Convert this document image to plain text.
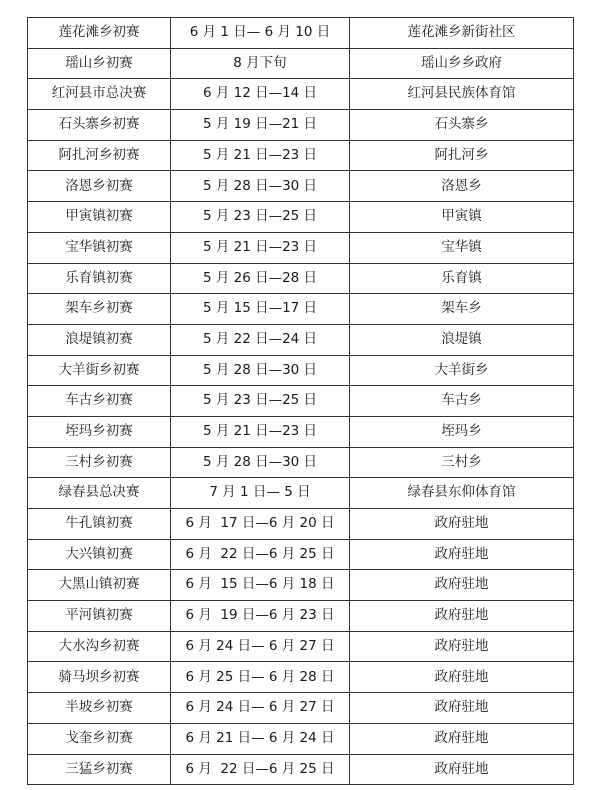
莲花滩乡初赛	6 月 1 日— 6 月 10 日	莲花滩乡新街社区
瑶山乡初赛	8 月下旬	瑶山乡乡政府
红河县市总决赛	6 月 12 日—14 日	红河县民族体育馆
石头寨乡初赛	5 月 19 日—21 日	石头寨乡
阿扎河乡初赛	5 月 21 日—23 日	阿扎河乡
洛恩乡初赛	5 月 28 日—30 日	洛恩乡
甲寅镇初赛	5 月 23 日—25 日	甲寅镇
宝华镇初赛	5 月 21 日—23 日	宝华镇
乐育镇初赛	5 月 26 日—28 日	乐育镇
架车乡初赛	5 月 15 日—17 日	架车乡
浪堤镇初赛	5 月 22 日—24 日	浪堤镇
大羊街乡初赛	5 月 28 日—30 日	大羊街乡
车古乡初赛	5 月 23 日—25 日	车古乡
垤玛乡初赛	5 月 21 日—23 日	垤玛乡
三村乡初赛	5 月 28 日—30 日	三村乡
绿春县总决赛	7 月 1 日— 5 日	绿春县东仰体育馆
牛孔镇初赛	6 月  17 日—6 月 20 日	政府驻地
大兴镇初赛	6 月  22 日—6 月 25 日	政府驻地
大黑山镇初赛	6 月  15 日—6 月 18 日	政府驻地
平河镇初赛	6 月  19 日—6 月 23 日	政府驻地
大水沟乡初赛	6 月 24 日— 6 月 27 日	政府驻地
骑马坝乡初赛	6 月 25 日— 6 月 28 日	政府驻地
半坡乡初赛	6 月 24 日— 6 月 27 日	政府驻地
戈奎乡初赛	6 月 21 日— 6 月 24 日	政府驻地
三猛乡初赛	6 月  22 日—6 月 25 日	政府驻地
